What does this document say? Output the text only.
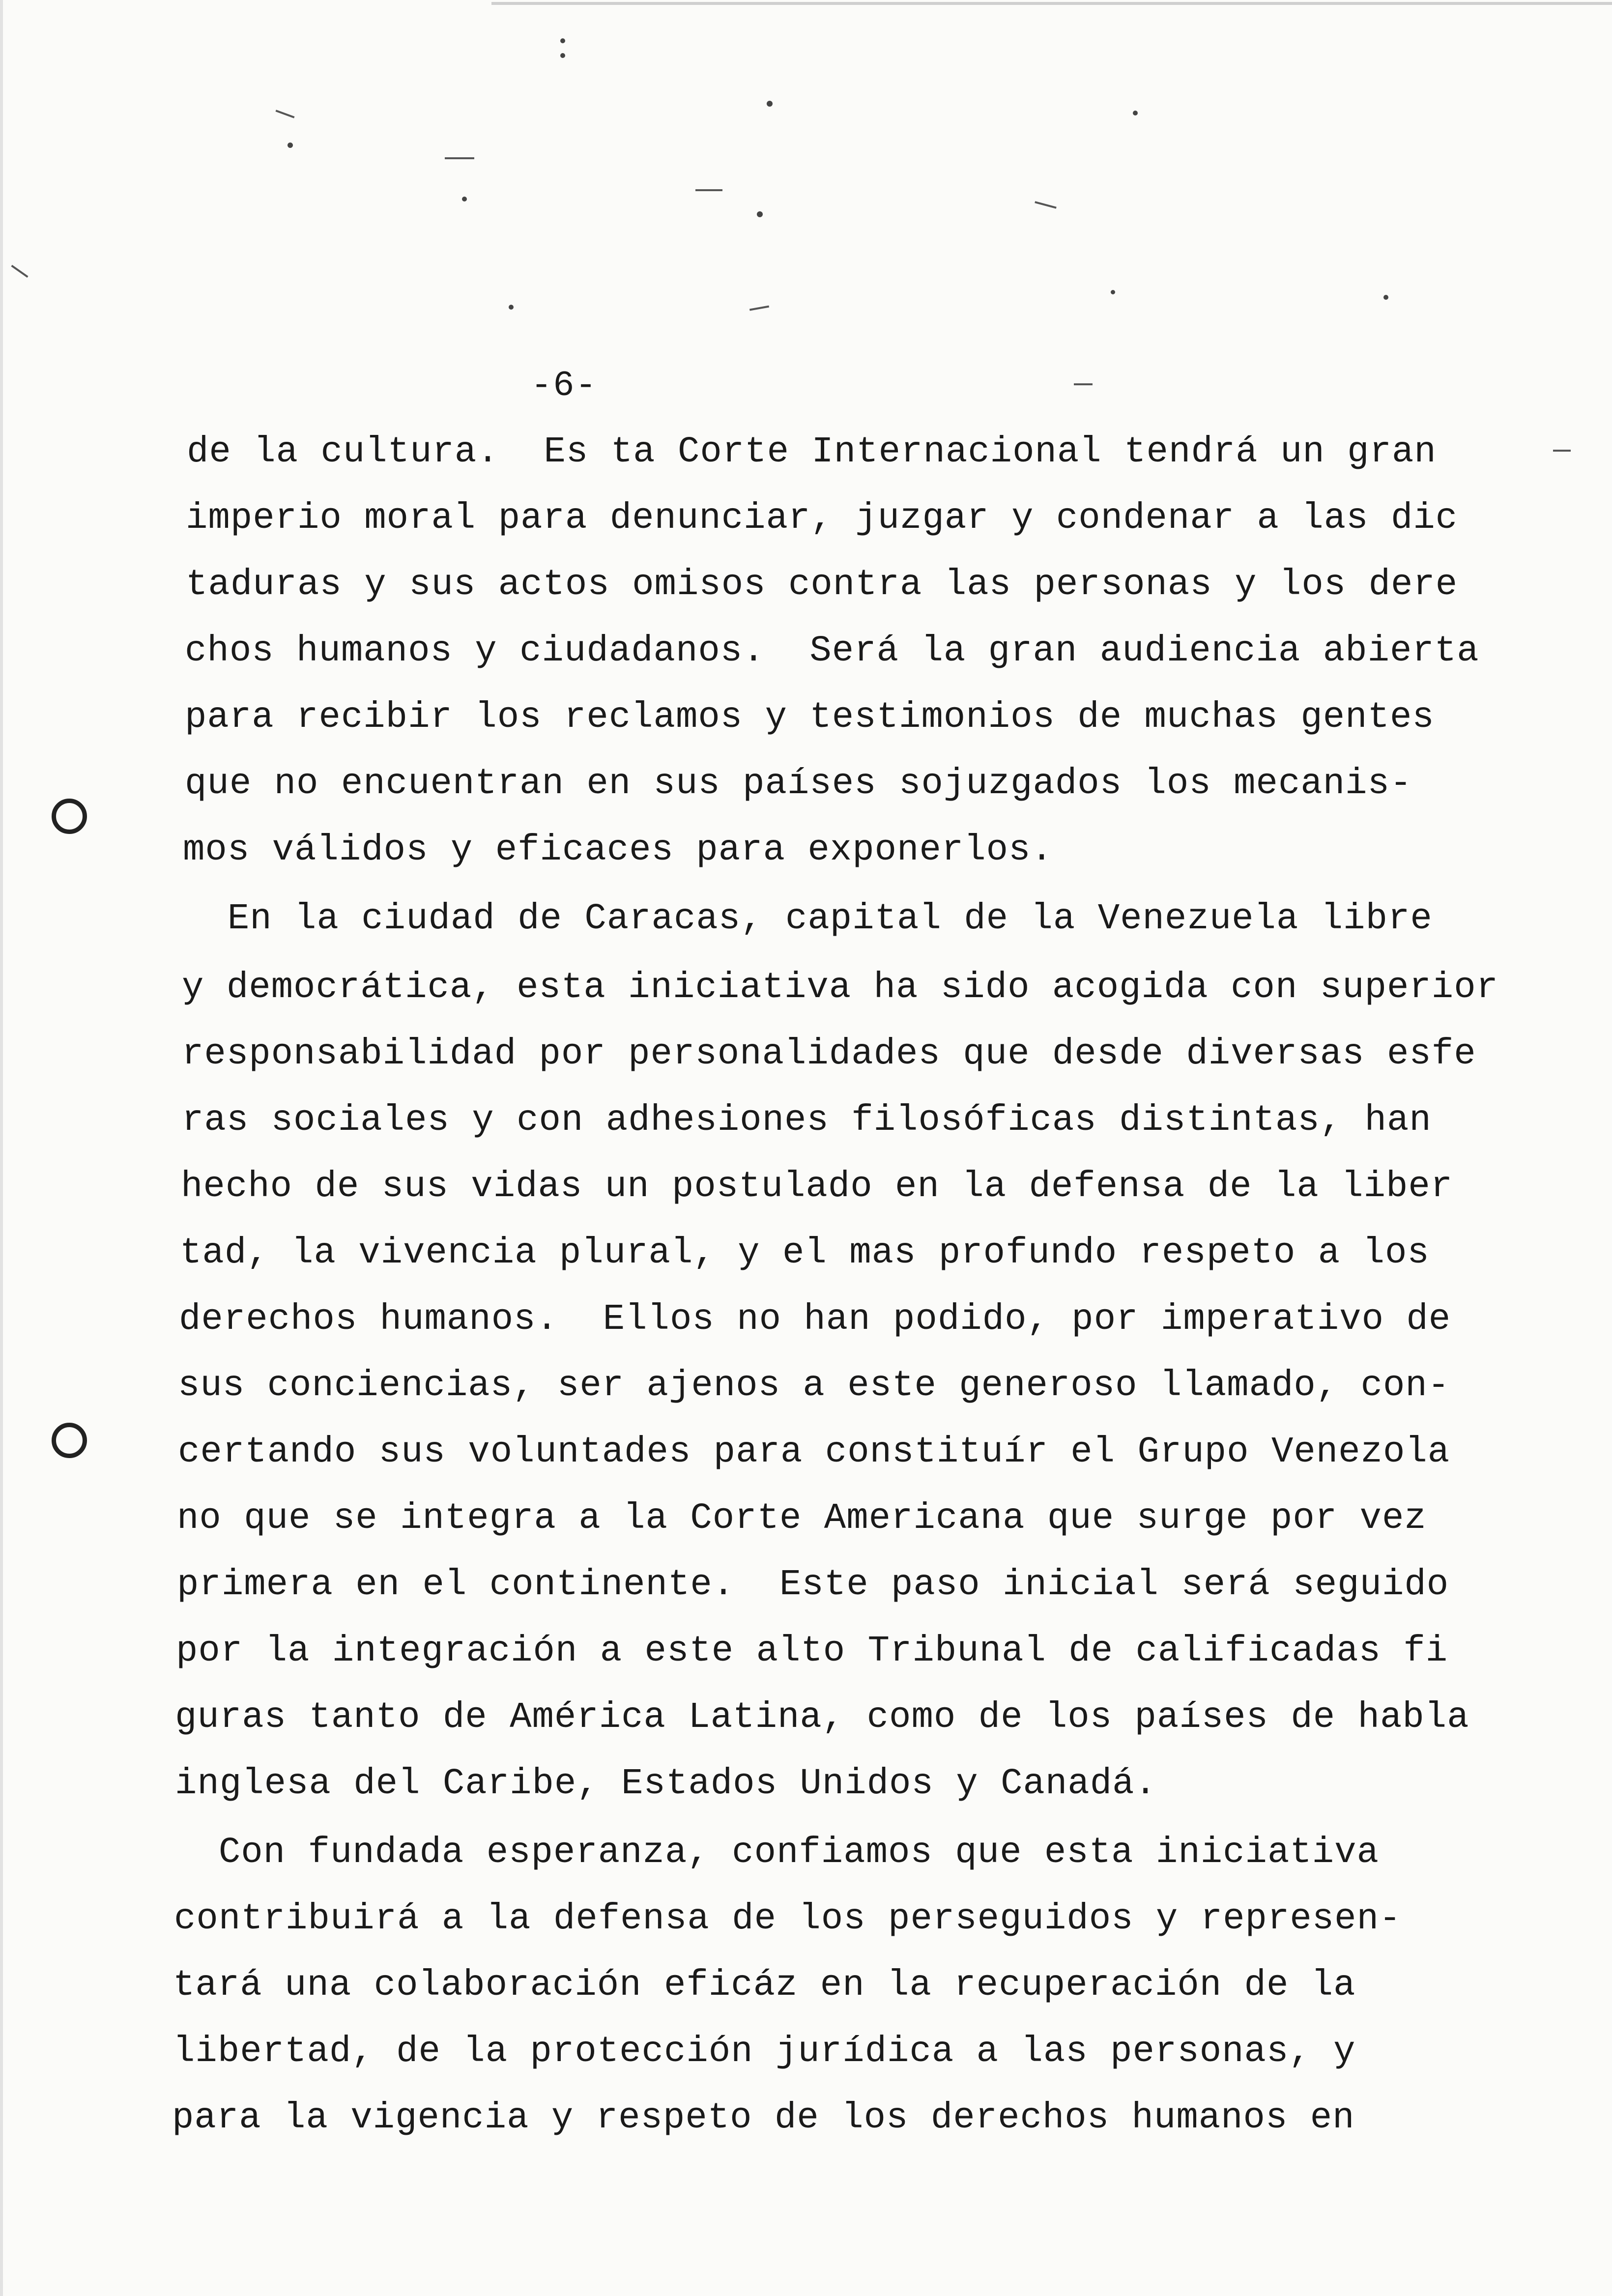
-6-
de la cultura.  Es ta Corte Internacional tendrá un gran
imperio moral para denunciar, juzgar y condenar a las dic
taduras y sus actos omisos contra las personas y los dere
chos humanos y ciudadanos.  Será la gran audiencia abierta
para recibir los reclamos y testimonios de muchas gentes
que no encuentran en sus países sojuzgados los mecanis-
mos válidos y eficaces para exponerlos.
En la ciudad de Caracas, capital de la Venezuela libre
y democrática, esta iniciativa ha sido acogida con superior
responsabilidad por personalidades que desde diversas esfe
ras sociales y con adhesiones filosóficas distintas, han
hecho de sus vidas un postulado en la defensa de la liber
tad, la vivencia plural, y el mas profundo respeto a los
derechos humanos.  Ellos no han podido, por imperativo de
sus conciencias, ser ajenos a este generoso llamado, con-
certando sus voluntades para constituír el Grupo Venezola
no que se integra a la Corte Americana que surge por vez
primera en el continente.  Este paso inicial será seguido
por la integración a este alto Tribunal de calificadas fi
guras tanto de América Latina, como de los países de habla
inglesa del Caribe, Estados Unidos y Canadá.
Con fundada esperanza, confiamos que esta iniciativa
contribuirá a la defensa de los perseguidos y represen-
tará una colaboración eficáz en la recuperación de la
libertad, de la protección jurídica a las personas, y
para la vigencia y respeto de los derechos humanos en
